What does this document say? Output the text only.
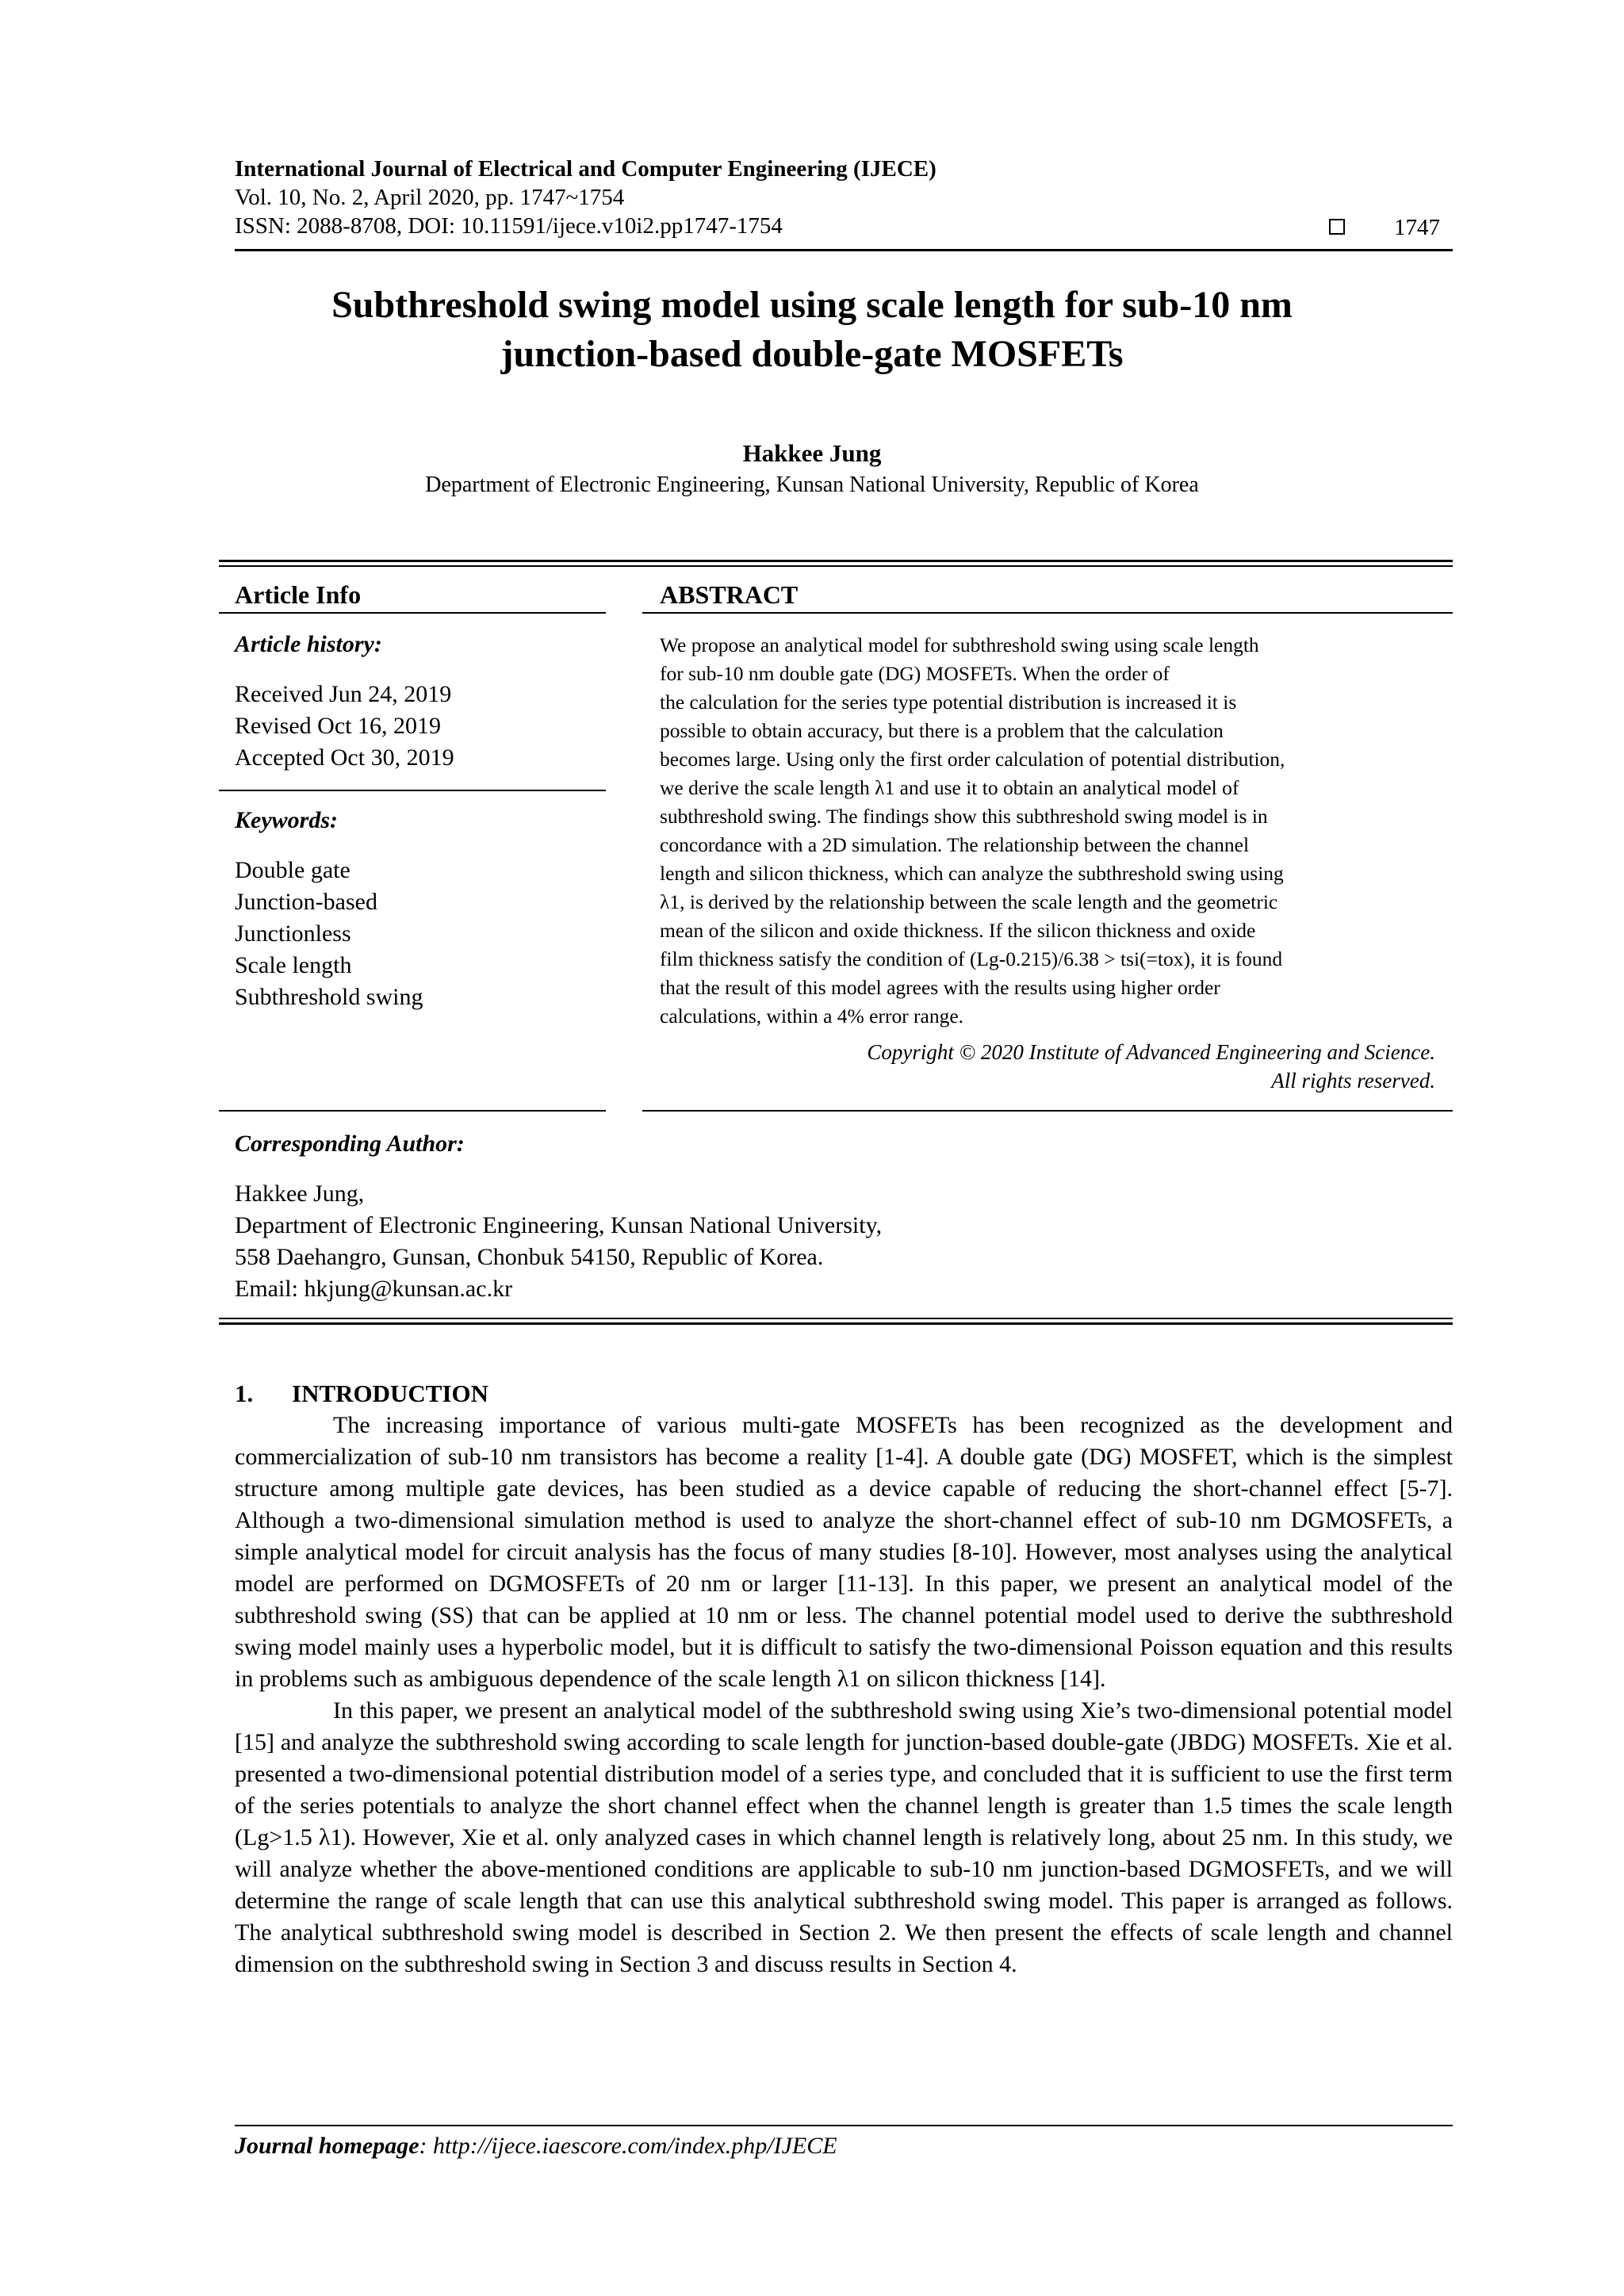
International Journal of Electrical and Computer Engineering (IJECE)
Vol. 10, No. 2, April 2020, pp. 1747~1754
ISSN: 2088-8708, DOI: 10.11591/ijece.v10i2.pp1747-1754	1747
Subthreshold swing model using scale length for sub-10 nm
junction-based double-gate MOSFETs
Hakkee Jung
Department of Electronic Engineering, Kunsan National University, Republic of Korea
Article Info
Article history:
Received Jun 24, 2019
Revised Oct 16, 2019
Accepted Oct 30, 2019
Keywords:
Double gate
Junction-based
Junctionless
Scale length
Subthreshold swing
ABSTRACT
We propose an analytical model for subthreshold swing using scale length
for sub-10 nm double gate (DG) MOSFETs. When the order of
the calculation for the series type potential distribution is increased it is
possible to obtain accuracy, but there is a problem that the calculation
becomes large. Using only the first order calculation of potential distribution,
we derive the scale length λ1 and use it to obtain an analytical model of
subthreshold swing. The findings show this subthreshold swing model is in
concordance with a 2D simulation. The relationship between the channel
length and silicon thickness, which can analyze the subthreshold swing using
λ1, is derived by the relationship between the scale length and the geometric
mean of the silicon and oxide thickness. If the silicon thickness and oxide
film thickness satisfy the condition of (Lg-0.215)/6.38 > tsi(=tox), it is found
that the result of this model agrees with the results using higher order
calculations, within a 4% error range.
Copyright © 2020 Institute of Advanced Engineering and Science.
All rights reserved.
Corresponding Author:
Hakkee Jung,
Department of Electronic Engineering, Kunsan National University,
558 Daehangro, Gunsan, Chonbuk 54150, Republic of Korea.
Email: hkjung@kunsan.ac.kr
1. INTRODUCTION
The increasing importance of various multi-gate MOSFETs has been recognized as the development and commercialization of sub-10 nm transistors has become a reality [1-4]. A double gate (DG) MOSFET, which is the simplest structure among multiple gate devices, has been studied as a device capable of reducing the short-channel effect [5-7]. Although a two-dimensional simulation method is used to analyze the short-channel effect of sub-10 nm DGMOSFETs, a simple analytical model for circuit analysis has the focus of many studies [8-10]. However, most analyses using the analytical model are performed on DGMOSFETs of 20 nm or larger [11-13]. In this paper, we present an analytical model of the subthreshold swing (SS) that can be applied at 10 nm or less. The channel potential model used to derive the subthreshold swing model mainly uses a hyperbolic model, but it is difficult to satisfy the two-dimensional Poisson equation and this results in problems such as ambiguous dependence of the scale length λ1 on silicon thickness [14].
In this paper, we present an analytical model of the subthreshold swing using Xie’s two-dimensional potential model [15] and analyze the subthreshold swing according to scale length for junction-based double-gate (JBDG) MOSFETs. Xie et al. presented a two-dimensional potential distribution model of a series type, and concluded that it is sufficient to use the first term of the series potentials to analyze the short channel effect when the channel length is greater than 1.5 times the scale length (Lg>1.5 λ1). However, Xie et al. only analyzed cases in which channel length is relatively long, about 25 nm. In this study, we will analyze whether the above-mentioned conditions are applicable to sub-10 nm junction-based DGMOSFETs, and we will determine the range of scale length that can use this analytical subthreshold swing model. This paper is arranged as follows. The analytical subthreshold swing model is described in Section 2. We then present the effects of scale length and channel dimension on the subthreshold swing in Section 3 and discuss results in Section 4.
Journal homepage: http://ijece.iaescore.com/index.php/IJECE
